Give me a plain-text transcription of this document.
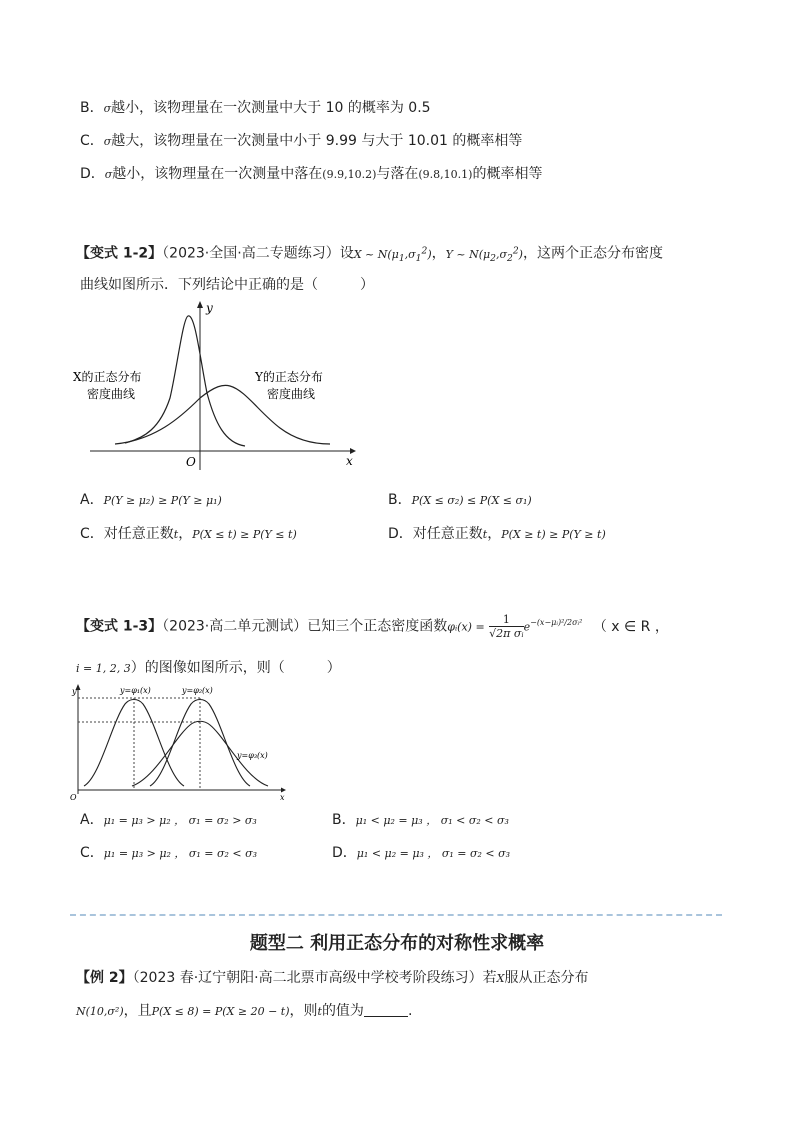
B．σ越小，该物理量在一次测量中大于 10 的概率为 0.5
C．σ越大，该物理量在一次测量中小于 9.99 与大于 10.01 的概率相等
D．σ越小，该物理量在一次测量中落在(9.9,10.2)与落在(9.8,10.1)的概率相等
【变式 1-2】（2023·全国·高二专题练习）设X ~ $N(\mu_1,\sigma_1^2)$，Y ~ $N(\mu_2,\sigma_2^2)$，这两个正态分布密度
曲线如图所示．下列结论中正确的是（　　　）
y
x
O
X的正态分布
密度曲线
Y的正态分布
密度曲线
A．P(Y ≥ μ₂) ≥ P(Y ≥ μ₁)	B．P(X ≤ σ₂) ≤ P(X ≤ σ₁)
C．对任意正数t，P(X ≤ t) ≥ P(Y ≤ t)	D．对任意正数t，P(X ≥ t) ≥ P(Y ≥ t)
【变式 1-3】（2023·高二单元测试）已知三个正态密度函数φᵢ(x) = $\frac{1}{\text{√2π σᵢ}} e^{-(x-\mu ᵢ)^2/2\sigma ᵢ^2}$ （ x ∈ R ，
i = 1, 2, 3）的图像如图所示，则（　　　）
y
x
O
y=φ₁(x)	y=φ₂(x)
y=φ₃(x)
A．μ₁ = μ₃ > μ₂ ， σ₁ = σ₂ > σ₃	B．μ₁ < μ₂ = μ₃ ， σ₁ < σ₂ < σ₃
C．μ₁ = μ₃ > μ₂ ， σ₁ = σ₂ < σ₃	D．μ₁ < μ₂ = μ₃ ， σ₁ = σ₂ < σ₃
题型二 利用正态分布的对称性求概率
【例 2】（2023 春·辽宁朝阳·高二北票市高级中学校考阶段练习）若X服从正态分布
N(10,σ²)，且P(X ≤ 8) = P(X ≥ 20 − t)，则t的值为	.
